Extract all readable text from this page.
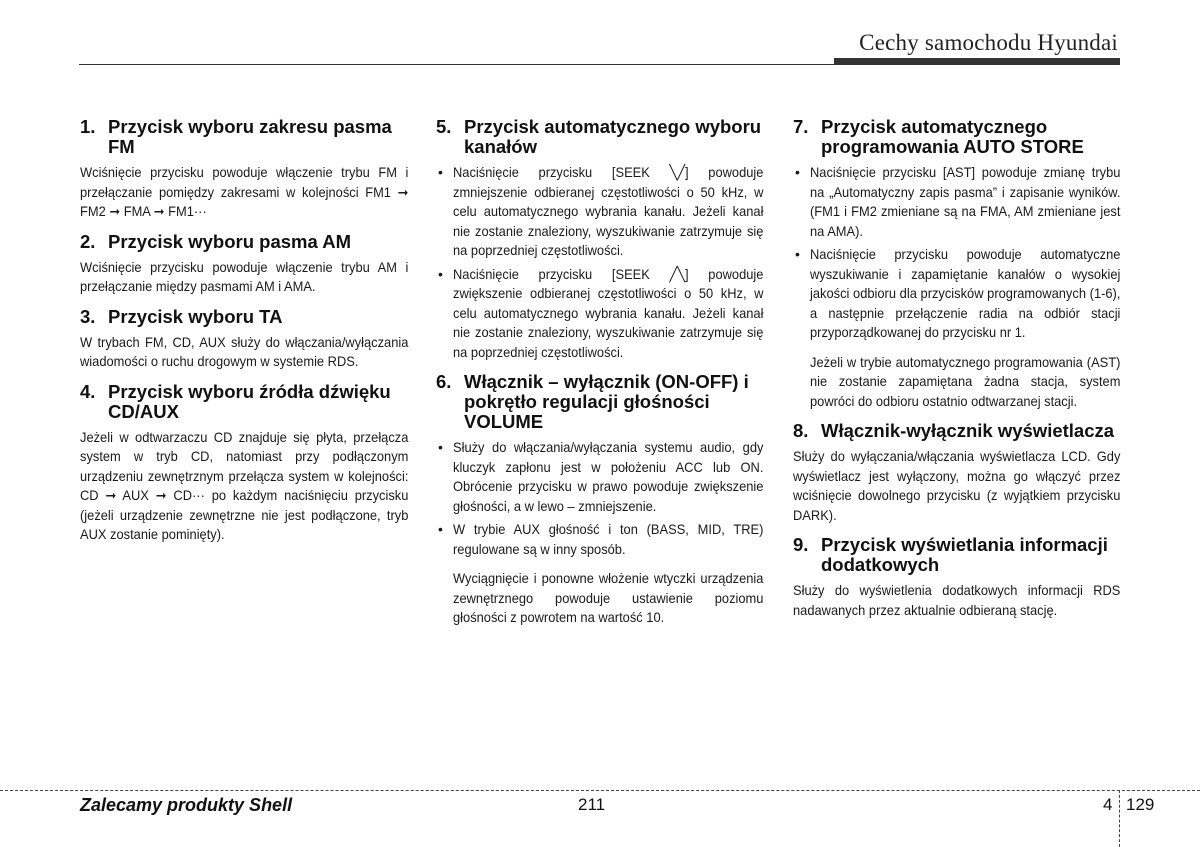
Cechy samochodu Hyundai
1. Przycisk wyboru zakresu pasma FM

Wciśnięcie przycisku powoduje włączenie trybu FM i przełączanie pomiędzy zakresami w kolejności FM1 ➞ FM2 ➞ FMA ➞ FM1···

2. Przycisk wyboru pasma AM

Wciśnięcie przycisku powoduje włączenie trybu AM i przełączanie między pasmami AM i AMA.

3. Przycisk wyboru TA

W trybach FM, CD, AUX służy do włączania/wyłączania wiadomości o ruchu drogowym w systemie RDS.

4. Przycisk wyboru źródła dźwięku CD/AUX

Jeżeli w odtwarzaczu CD znajduje się płyta, przełącza system w tryb CD, natomiast przy podłączonym urządzeniu zewnętrznym przełącza system w kolejności: CD ➞ AUX ➞ CD··· po każdym naciśnięciu przycisku (jeżeli urządzenie zewnętrzne nie jest podłączone, tryb AUX zostanie pominięty).

5. Przycisk automatycznego wyboru kanałów
• Naciśnięcie przycisku [SEEK ╲╱] powoduje zmniejszenie odbieranej częstotliwości o 50 kHz, w celu automatycznego wybrania kanału. Jeżeli kanał nie zostanie znaleziony, wyszukiwanie zatrzymuje się na poprzedniej częstotliwości.
• Naciśnięcie przycisku [SEEK ╱╲] powoduje zwiększenie odbieranej częstotliwości o 50 kHz, w celu automatycznego wybrania kanału. Jeżeli kanał nie zostanie znaleziony, wyszukiwanie zatrzymuje się na poprzedniej częstotliwości.
6. Włącznik – wyłącznik (ON-OFF) i pokrętło regulacji głośności VOLUME
• Służy do włączania/wyłączania systemu audio, gdy kluczyk zapłonu jest w położeniu ACC lub ON. Obrócenie przycisku w prawo powoduje zwiększenie głośności, a w lewo – zmniejszenie.
• W trybie AUX głośność i ton (BASS, MID, TRE) regulowane są w inny sposób.
Wyciągnięcie i ponowne włożenie wtyczki urządzenia zewnętrznego powoduje ustawienie poziomu głośności z powrotem na wartość 10.
7. Przycisk automatycznego programowania AUTO STORE
• Naciśnięcie przycisku [AST] powoduje zmianę trybu na „Automatyczny zapis pasma” i zapisanie wyników. (FM1 i FM2 zmieniane są na FMA, AM zmieniane jest na AMA).
• Naciśnięcie przycisku powoduje automatyczne wyszukiwanie i zapamiętanie kanałów o wysokiej jakości odbioru dla przycisków programowanych (1-6), a następnie przełączenie radia na odbiór stacji przyporządkowanej do przycisku nr 1.
Jeżeli w trybie automatycznego programowania (AST) nie zostanie zapamiętana żadna stacja, system powróci do odbioru ostatnio odtwarzanej stacji.
8. Włącznik-wyłącznik wyświetlacza

Służy do wyłączania/włączania wyświetlacza LCD. Gdy wyświetlacz jest wyłączony, można go włączyć przez wciśnięcie dowolnego przycisku (z wyjątkiem przycisku DARK).

9. Przycisk wyświetlania informacji dodatkowych

Służy do wyświetlenia dodatkowych informacji RDS nadawanych przez aktualnie odbieraną stację.

Zalecamy produkty Shell	211	4 129
